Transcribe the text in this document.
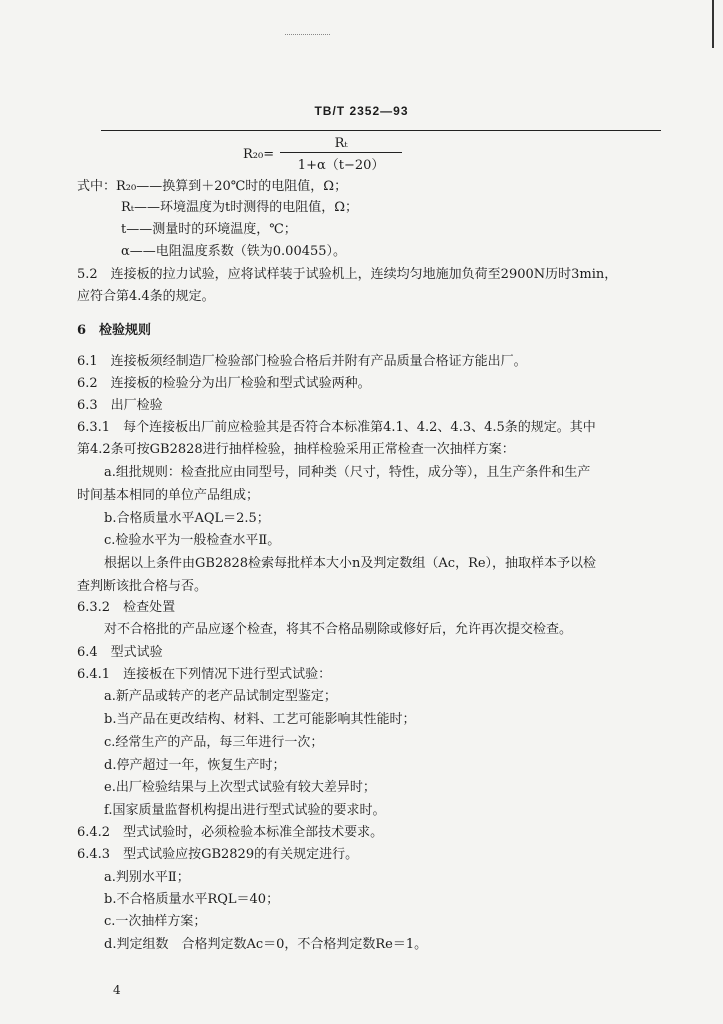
TB/T 2352—93
$R_{20}= \frac{\text{Rₜ}}{1+\alpha(t-20)}$
式中：R₂₀——换算到＋20℃时的电阻值，Ω；
Rₜ——环境温度为t时测得的电阻值，Ω；
t——测量时的环境温度，℃；
α——电阻温度系数（铁为0.00455）。
5.2　连接板的拉力试验，应将试样装于试验机上，连续均匀地施加负荷至2900N历时3min，
应符合第4.4条的规定。
6　检验规则
6.1　连接板须经制造厂检验部门检验合格后并附有产品质量合格证方能出厂。
6.2　连接板的检验分为出厂检验和型式试验两种。
6.3　出厂检验
6.3.1　每个连接板出厂前应检验其是否符合本标准第4.1、4.2、4.3、4.5条的规定。其中
第4.2条可按GB2828进行抽样检验，抽样检验采用正常检查一次抽样方案：
a.组批规则：检查批应由同型号，同种类（尺寸，特性，成分等），且生产条件和生产
时间基本相同的单位产品组成；
b.合格质量水平AQL＝2.5；
c.检验水平为一般检查水平Ⅱ。
根据以上条件由GB2828检索每批样本大小n及判定数组（Ac，Re），抽取样本予以检
查判断该批合格与否。
6.3.2　检查处置
对不合格批的产品应逐个检查，将其不合格品剔除或修好后，允许再次提交检查。
6.4　型式试验
6.4.1　连接板在下列情况下进行型式试验：
a.新产品或转产的老产品试制定型鉴定；
b.当产品在更改结构、材料、工艺可能影响其性能时；
c.经常生产的产品，每三年进行一次；
d.停产超过一年，恢复生产时；
e.出厂检验结果与上次型式试验有较大差异时；
f.国家质量监督机构提出进行型式试验的要求时。
6.4.2　型式试验时，必须检验本标准全部技术要求。
6.4.3　型式试验应按GB2829的有关规定进行。
a.判别水平Ⅱ；
b.不合格质量水平RQL＝40；
c.一次抽样方案；
d.判定组数　合格判定数Ac＝0，不合格判定数Re＝1。
4
